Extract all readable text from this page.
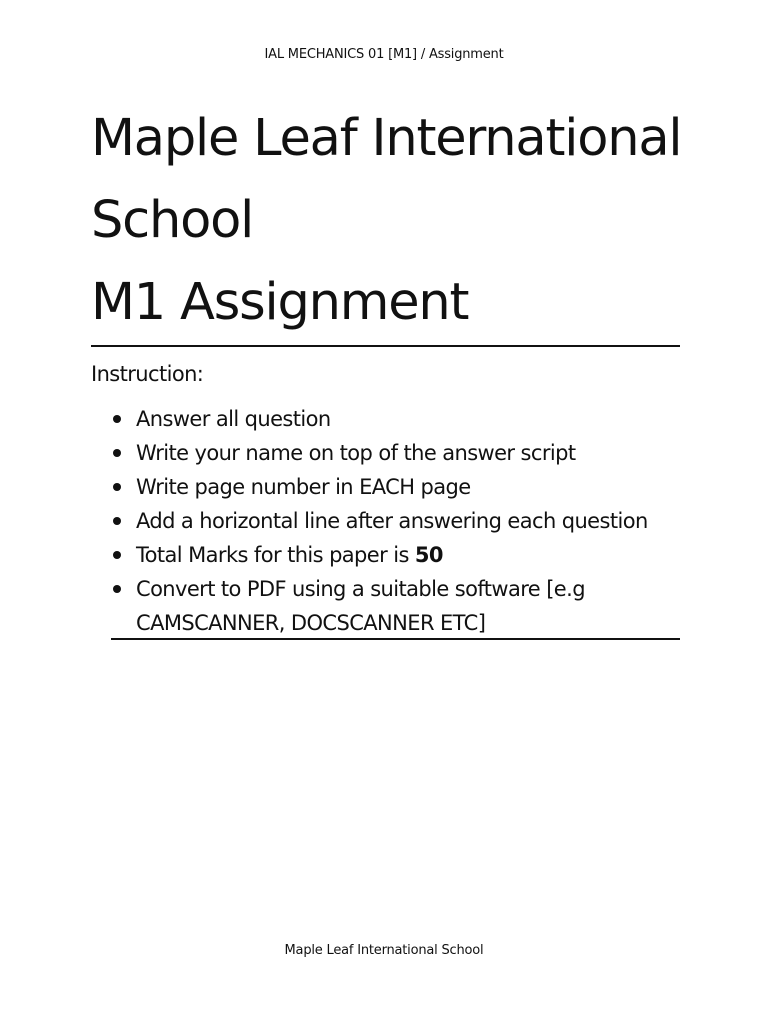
IAL MECHANICS 01 [M1] / Assignment
Maple Leaf International
School
M1 Assignment
Instruction:
Answer all question
Write your name on top of the answer script
Write page number in EACH page
Add a horizontal line after answering each question
Total Marks for this paper is 50
Convert to PDF using a suitable software [e.g
CAMSCANNER, DOCSCANNER ETC]
Maple Leaf International School
